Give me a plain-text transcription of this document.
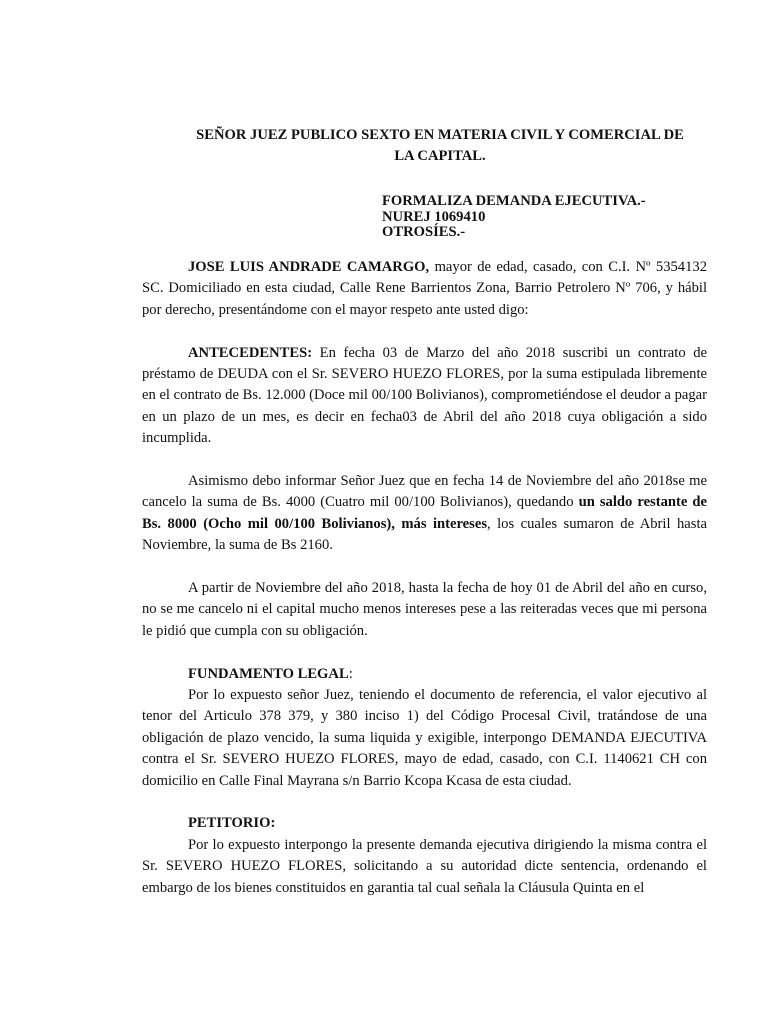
SEÑOR JUEZ PUBLICO SEXTO EN MATERIA CIVIL Y COMERCIAL DE
LA CAPITAL.
FORMALIZA DEMANDA EJECUTIVA.-
NUREJ 1069410
OTROSÍES.-

JOSE LUIS ANDRADE CAMARGO, mayor de edad, casado, con C.I. Nº 5354132 SC. Domiciliado en esta ciudad, Calle Rene Barrientos Zona, Barrio Petrolero Nº 706, y hábil por derecho, presentándome con el mayor respeto ante usted digo:

ANTECEDENTES: En fecha 03 de Marzo del año 2018 suscribi un contrato de préstamo de DEUDA con el Sr. SEVERO HUEZO FLORES, por la suma estipulada libremente en el contrato de Bs. 12.000 (Doce mil 00/100 Bolivianos), comprometiéndose el deudor a pagar en un plazo de un mes, es decir en fecha03 de Abril del año 2018 cuya obligación a sido incumplida.

Asimismo debo informar Señor Juez que en fecha 14 de Noviembre del año 2018se me cancelo la suma de Bs. 4000 (Cuatro mil 00/100 Bolivianos), quedando un saldo restante de Bs. 8000 (Ocho mil 00/100 Bolivianos), más intereses, los cuales sumaron de Abril hasta Noviembre, la suma de Bs 2160.

A partir de Noviembre del año 2018, hasta la fecha de hoy 01 de Abril del año en curso, no se me cancelo ni el capital mucho menos intereses pese a las reiteradas veces que mi persona le pidió que cumpla con su obligación.

FUNDAMENTO LEGAL:

Por lo expuesto señor Juez, teniendo el documento de referencia, el valor ejecutivo al tenor del Articulo 378 379, y 380 inciso 1) del Código Procesal Civil, tratándose de una obligación de plazo vencido, la suma liquida y exigible, interpongo DEMANDA EJECUTIVA contra el Sr. SEVERO HUEZO FLORES, mayo de edad, casado, con C.I. 1140621 CH con domicilio en Calle Final Mayrana s/n Barrio Kcopa Kcasa de esta ciudad.

PETITORIO:

Por lo expuesto interpongo la presente demanda ejecutiva dirigiendo la misma contra el Sr. SEVERO HUEZO FLORES, solicitando a su autoridad dicte sentencia, ordenando el embargo de los bienes constituidos en garantia tal cual señala la Cláusula Quinta en el
